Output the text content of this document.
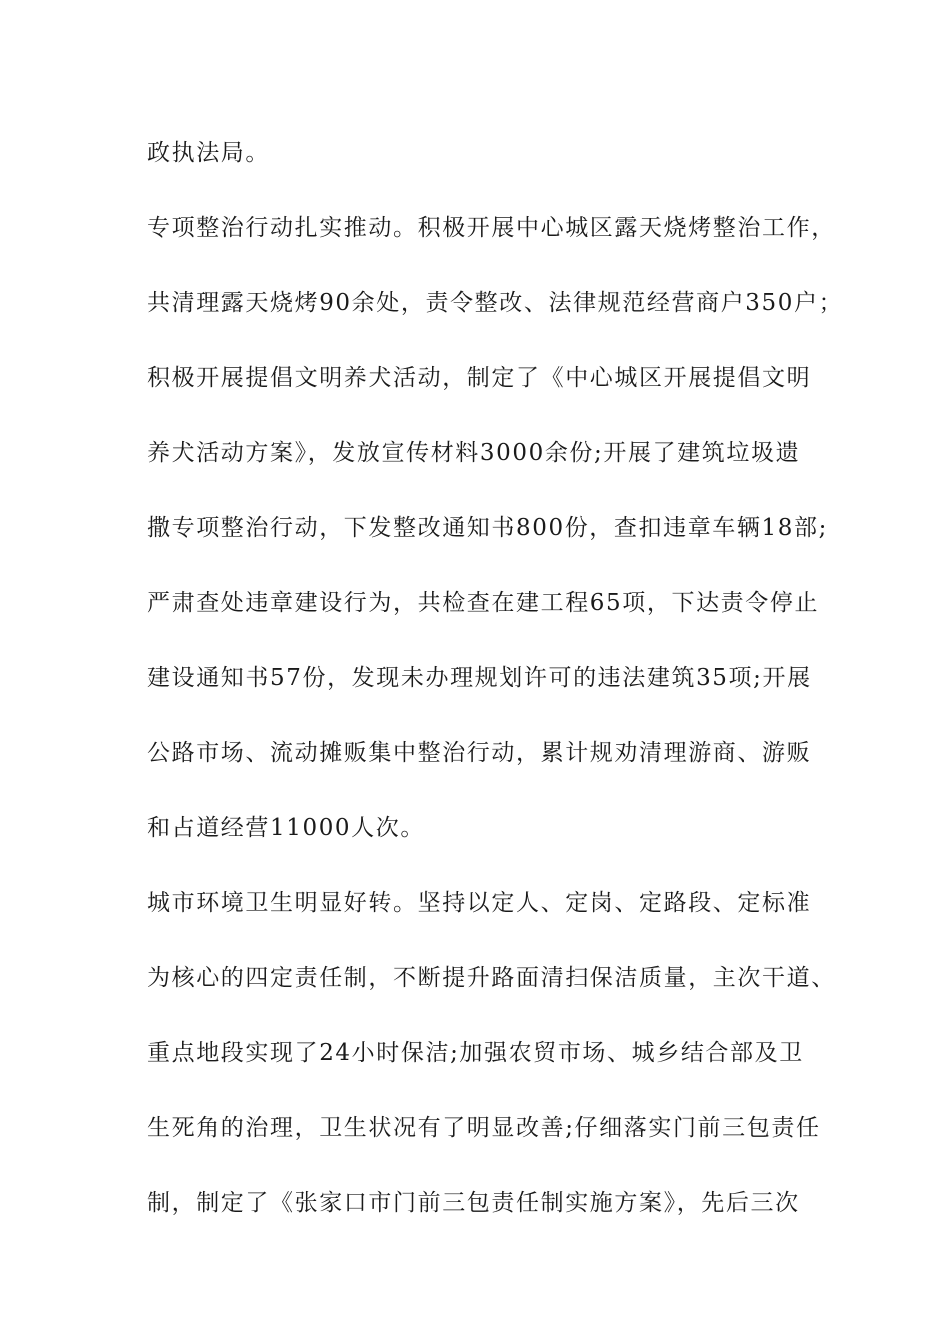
政执法局。

专项整治行动扎实推动。积极开展中心城区露天烧烤整治工作，

共清理露天烧烤90余处，责令整改、法律规范经营商户350户；

积极开展提倡文明养犬活动，制定了《中心城区开展提倡文明

养犬活动方案》，发放宣传材料3000余份;开展了建筑垃圾遗

撒专项整治行动，下发整改通知书800份，查扣违章车辆18部;

严肃查处违章建设行为，共检查在建工程65项，下达责令停止

建设通知书57份，发现未办理规划许可的违法建筑35项;开展

公路市场、流动摊贩集中整治行动，累计规劝清理游商、游贩

和占道经营11000人次。

城市环境卫生明显好转。坚持以定人、定岗、定路段、定标准

为核心的四定责任制，不断提升路面清扫保洁质量，主次干道、

重点地段实现了24小时保洁;加强农贸市场、城乡结合部及卫

生死角的治理，卫生状况有了明显改善;仔细落实门前三包责任

制，制定了《张家口市门前三包责任制实施方案》，先后三次
